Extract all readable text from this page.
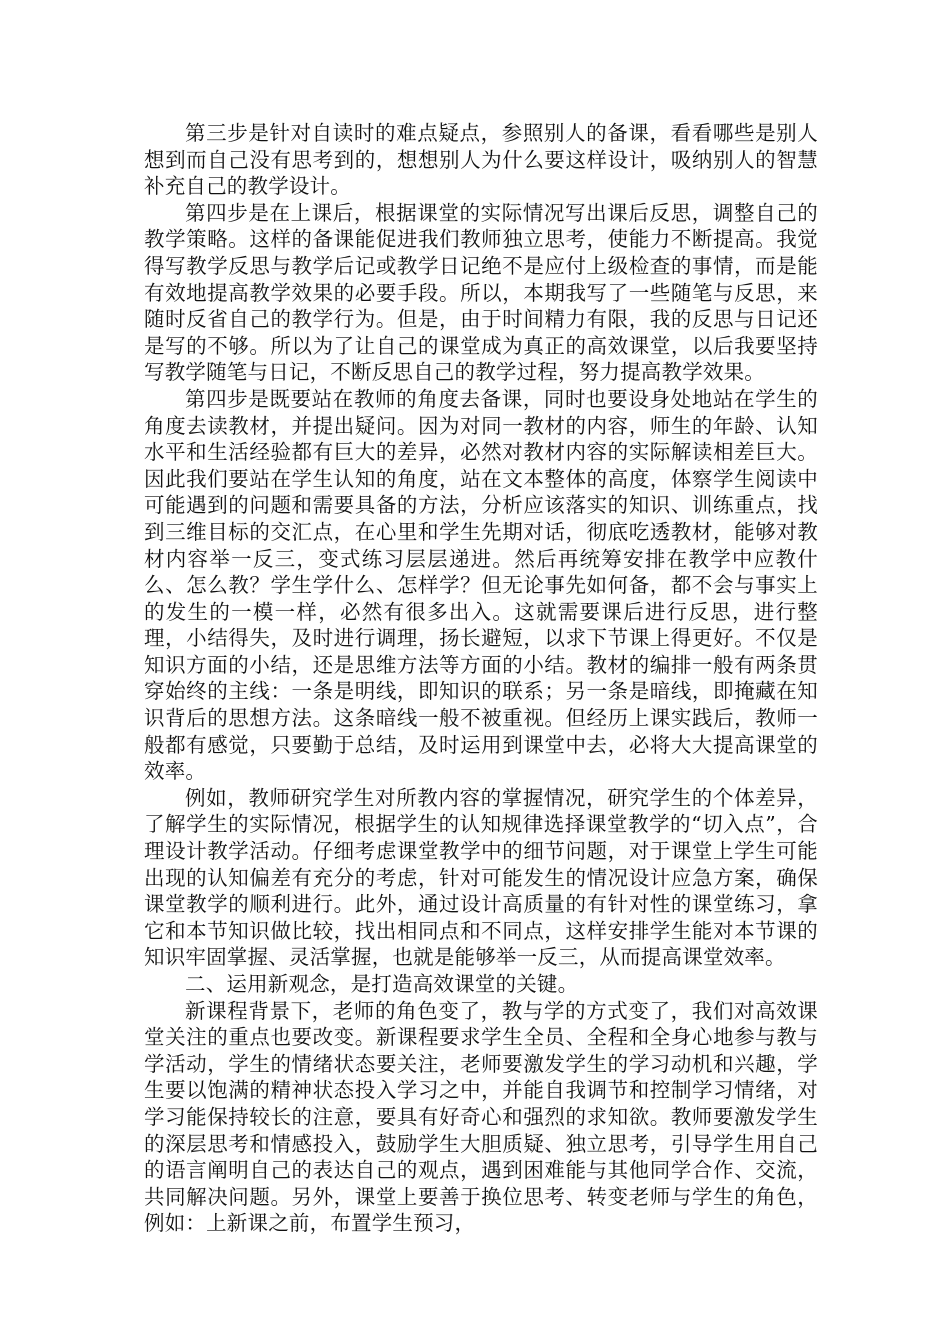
第三步是针对自读时的难点疑点，参照别人的备课，看看哪些是别人想到而自己没有思考到的，想想别人为什么要这样设计，吸纳别人的智慧补充自己的教学设计。

第四步是在上课后，根据课堂的实际情况写出课后反思，调整自己的教学策略。这样的备课能促进我们教师独立思考，使能力不断提高。我觉得写教学反思与教学后记或教学日记绝不是应付上级检查的事情，而是能有效地提高教学效果的必要手段。所以，本期我写了一些随笔与反思，来随时反省自己的教学行为。但是，由于时间精力有限，我的反思与日记还是写的不够。所以为了让自己的课堂成为真正的高效课堂，以后我要坚持写教学随笔与日记，不断反思自己的教学过程，努力提高教学效果。

第四步是既要站在教师的角度去备课，同时也要设身处地站在学生的角度去读教材，并提出疑问。因为对同一教材的内容，师生的年龄、认知水平和生活经验都有巨大的差异，必然对教材内容的实际解读相差巨大。因此我们要站在学生认知的角度，站在文本整体的高度，体察学生阅读中可能遇到的问题和需要具备的方法，分析应该落实的知识、训练重点，找到三维目标的交汇点，在心里和学生先期对话，彻底吃透教材，能够对教材内容举一反三，变式练习层层递进。然后再统筹安排在教学中应教什么、怎么教？学生学什么、怎样学？但无论事先如何备，都不会与事实上的发生的一模一样，必然有很多出入。这就需要课后进行反思，进行整理，小结得失，及时进行调理，扬长避短，以求下节课上得更好。不仅是知识方面的小结，还是思维方法等方面的小结。教材的编排一般有两条贯穿始终的主线：一条是明线，即知识的联系；另一条是暗线，即掩藏在知识背后的思想方法。这条暗线一般不被重视。但经历上课实践后，教师一般都有感觉，只要勤于总结，及时运用到课堂中去，必将大大提高课堂的效率。

例如，教师研究学生对所教内容的掌握情况，研究学生的个体差异，了解学生的实际情况，根据学生的认知规律选择课堂教学的“切入点”，合理设计教学活动。仔细考虑课堂教学中的细节问题，对于课堂上学生可能出现的认知偏差有充分的考虑，针对可能发生的情况设计应急方案，确保课堂教学的顺利进行。此外，通过设计高质量的有针对性的课堂练习，拿它和本节知识做比较，找出相同点和不同点，这样安排学生能对本节课的知识牢固掌握、灵活掌握，也就是能够举一反三，从而提高课堂效率。

二、运用新观念，是打造高效课堂的关键。

新课程背景下，老师的角色变了，教与学的方式变了，我们对高效课堂关注的重点也要改变。新课程要求学生全员、全程和全身心地参与教与学活动，学生的情绪状态要关注，老师要激发学生的学习动机和兴趣，学生要以饱满的精神状态投入学习之中，并能自我调节和控制学习情绪，对学习能保持较长的注意，要具有好奇心和强烈的求知欲。教师要激发学生的深层思考和情感投入，鼓励学生大胆质疑、独立思考，引导学生用自己的语言阐明自己的表达自己的观点，遇到困难能与其他同学合作、交流，共同解决问题。另外，课堂上要善于换位思考、转变老师与学生的角色，例如：上新课之前，布置学生预习，
